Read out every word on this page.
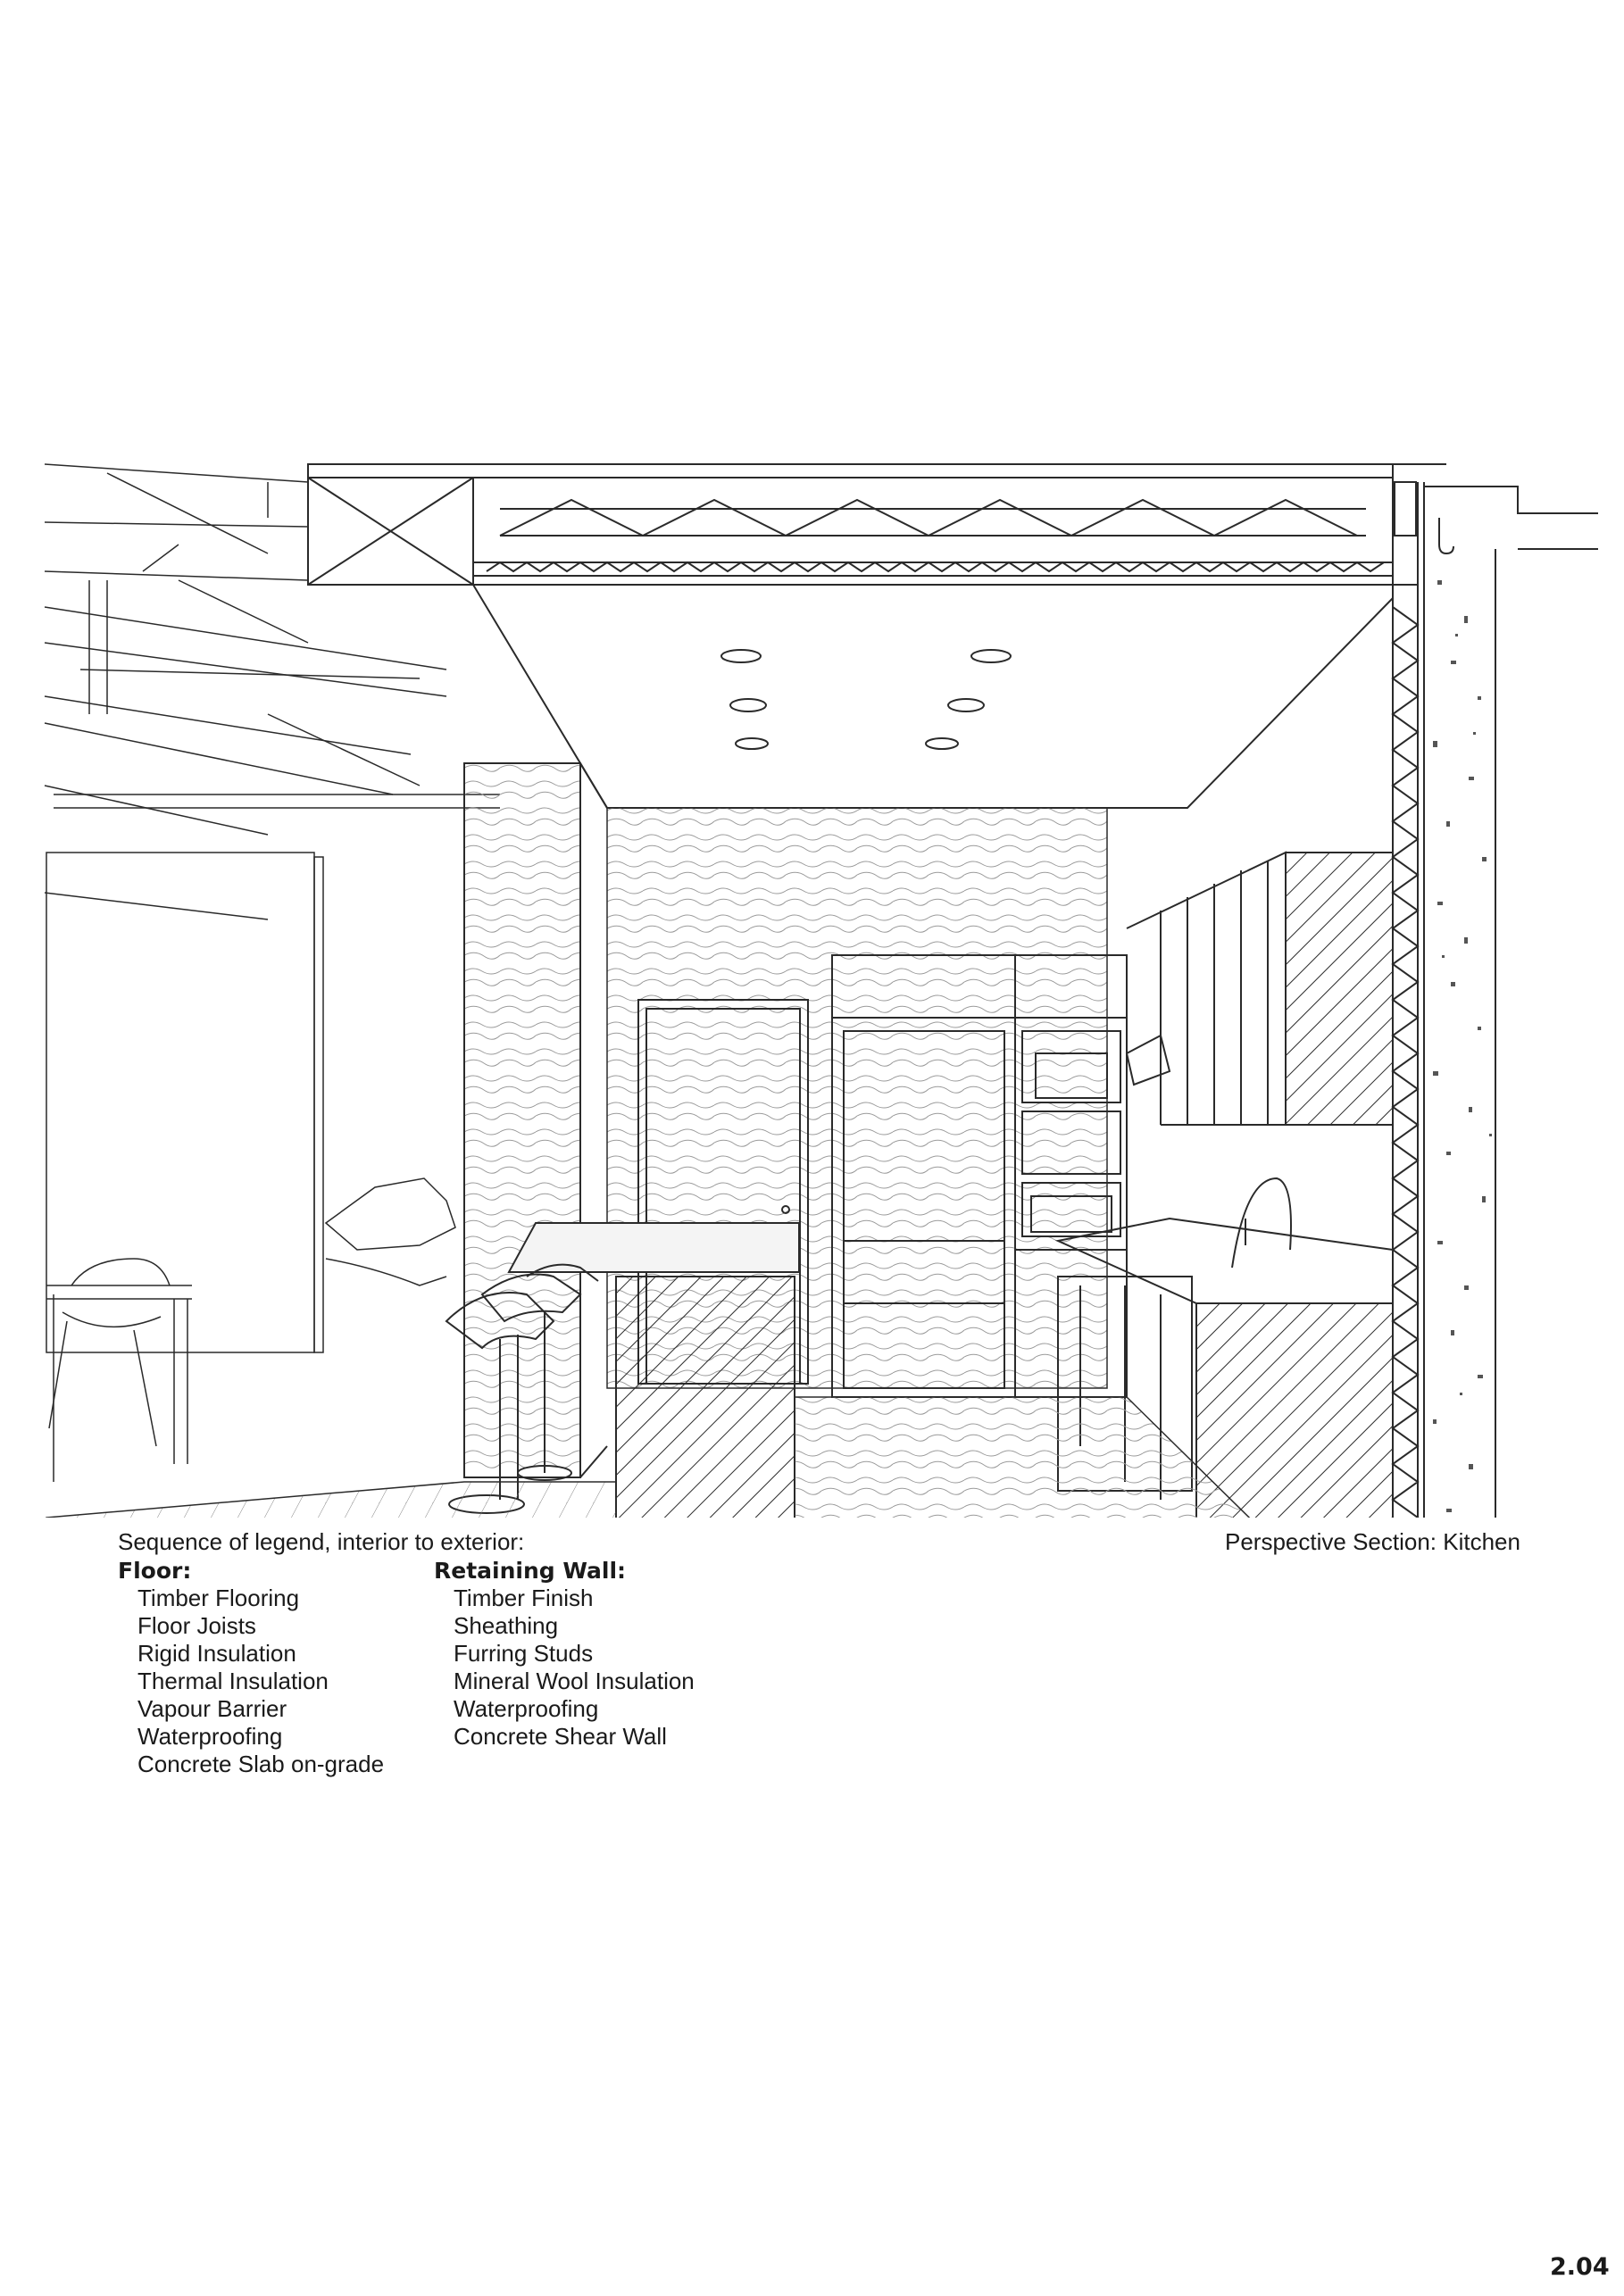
Sequence of legend, interior to exterior:
Floor:
Timber Flooring
Floor Joists
Rigid Insulation
Thermal Insulation
Vapour Barrier
Waterproofing
Concrete Slab on-grade
Retaining Wall:
Timber Finish
Sheathing
Furring Studs
Mineral Wool Insulation
Waterproofing
Concrete Shear Wall
Perspective Section: Kitchen
2.04
